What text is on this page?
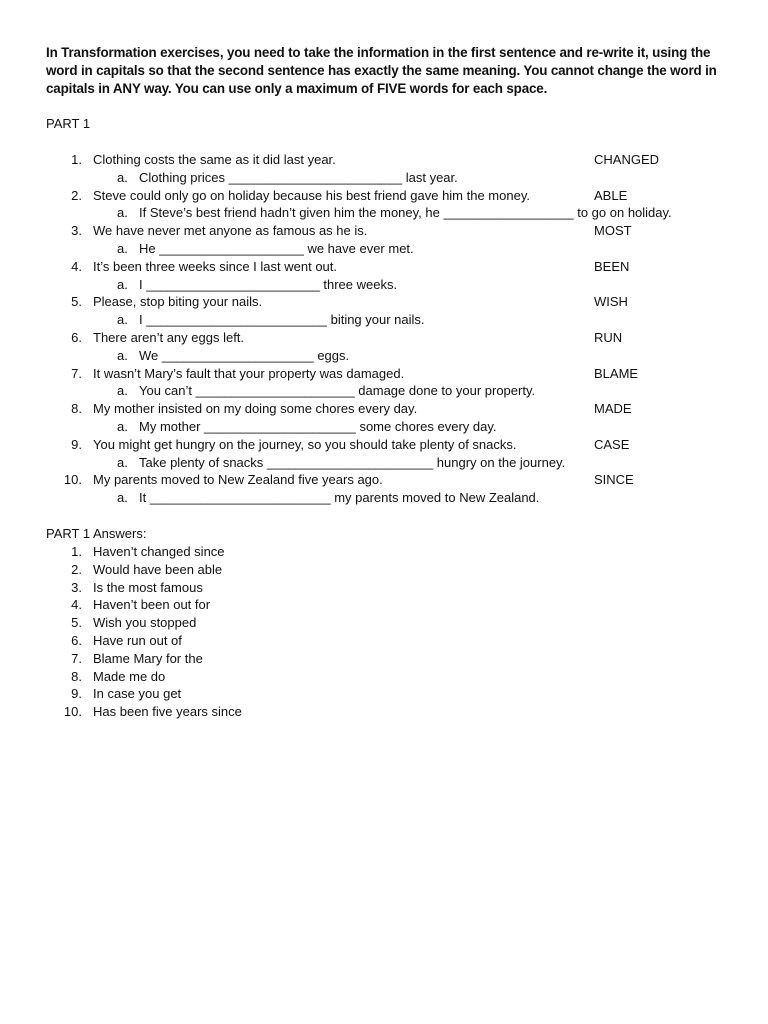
In Transformation exercises, you need to take the information in the first sentence and re-write it, using the word in capitals so that the second sentence has exactly the same meaning. You cannot change the word in capitals in ANY way. You can use only a maximum of FIVE words for each space.
PART 1
1. Clothing costs the same as it did last year.	CHANGED
a. Clothing prices ________________________ last year.
2. Steve could only go on holiday because his best friend gave him the money.	ABLE
a. If Steve’s best friend hadn’t given him the money, he __________________ to go on holiday.
3. We have never met anyone as famous as he is.	MOST
a. He ____________________ we have ever met.
4. It’s been three weeks since I last went out.	BEEN
a. I ________________________ three weeks.
5. Please, stop biting your nails.	WISH
a. I _________________________ biting your nails.
6. There aren’t any eggs left.	RUN
a. We _____________________ eggs.
7. It wasn’t Mary’s fault that your property was damaged.	BLAME
a. You can’t ______________________ damage done to your property.
8. My mother insisted on my doing some chores every day.	MADE
a. My mother _____________________ some chores every day.
9. You might get hungry on the journey, so you should take plenty of snacks.	CASE
a. Take plenty of snacks _______________________ hungry on the journey.
10. My parents moved to New Zealand five years ago.	SINCE
a. It _________________________ my parents moved to New Zealand.
PART 1 Answers:
1. Haven’t changed since
2. Would have been able
3. Is the most famous
4. Haven’t been out for
5. Wish you stopped
6. Have run out of
7. Blame Mary for the
8. Made me do
9. In case you get
10. Has been five years since
